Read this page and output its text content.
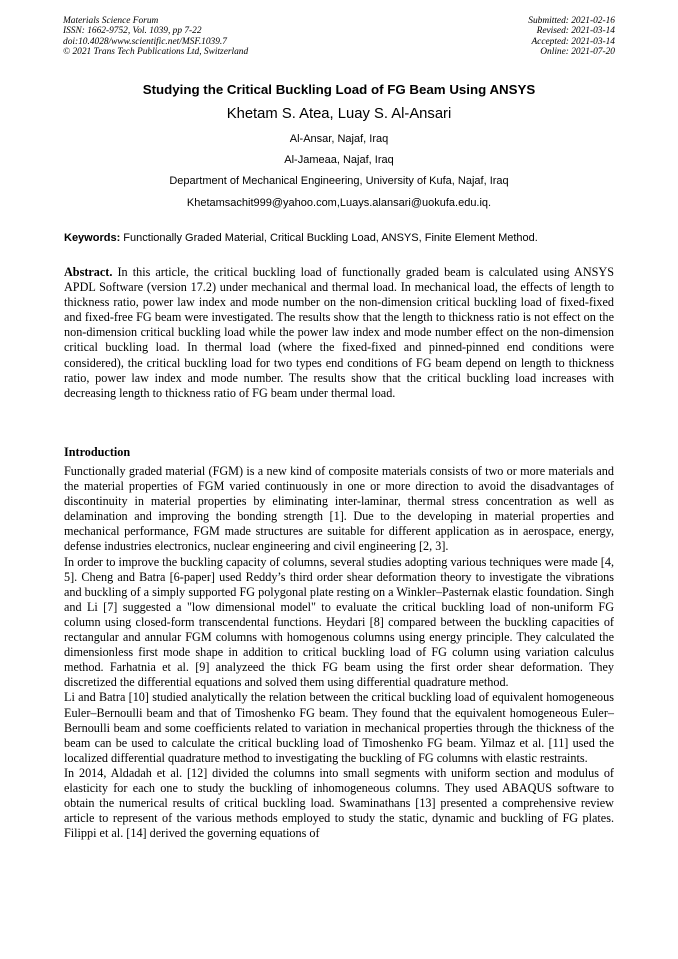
Materials Science Forum
ISSN: 1662-9752, Vol. 1039, pp 7-22
doi:10.4028/www.scientific.net/MSF.1039.7
© 2021 Trans Tech Publications Ltd, Switzerland
Submitted: 2021-02-16
Revised: 2021-03-14
Accepted: 2021-03-14
Online: 2021-07-20
Studying the Critical Buckling Load of FG Beam Using ANSYS
Khetam S. Atea, Luay S. Al-Ansari
Al-Ansar, Najaf, Iraq
Al-Jameaa, Najaf, Iraq
Department of Mechanical Engineering, University of Kufa, Najaf, Iraq
Khetamsachit999@yahoo.com,Luays.alansari@uokufa.edu.iq.
Keywords: Functionally Graded Material, Critical Buckling Load, ANSYS, Finite Element Method.

Abstract. In this article, the critical buckling load of functionally graded beam is calculated using ANSYS APDL Software (version 17.2) under mechanical and thermal load. In mechanical load, the effects of length to thickness ratio, power law index and mode number on the non-dimension critical buckling load of fixed-fixed and fixed-free FG beam were investigated. The results show that the length to thickness ratio is not effect on the non-dimension critical buckling load while the power law index and mode number effect on the non-dimension critical buckling load. In thermal load (where the fixed-fixed and pinned-pinned end conditions were considered), the critical buckling load for two types end conditions of FG beam depend on length to thickness ratio, power law index and mode number. The results show that the critical buckling load increases with decreasing length to thickness ratio of FG beam under thermal load.

Introduction

Functionally graded material (FGM) is a new kind of composite materials consists of two or more materials and the material properties of FGM varied continuously in one or more direction to avoid the disadvantages of discontinuity in material properties by eliminating inter-laminar, thermal stress concentration as well as delamination and improving the bonding strength [1]. Due to the developing in material properties and mechanical performance, FGM made structures are suitable for different application as in aerospace, energy, defense industries electronics, nuclear engineering and civil engineering [2, 3].

In order to improve the buckling capacity of columns, several studies adopting various techniques were made [4, 5]. Cheng and Batra [6-paper] used Reddy’s third order shear deformation theory to investigate the vibrations and buckling of a simply supported FG polygonal plate resting on a Winkler–Pasternak elastic foundation. Singh and Li [7] suggested a "low dimensional model" to evaluate the critical buckling load of non-uniform FG column using closed-form transcendental functions. Heydari [8] compared between the buckling capacities of rectangular and annular FGM columns with homogenous columns using energy principle. They calculated the dimensionless first mode shape in addition to critical buckling load of FG column using variation calculus method. Farhatnia et al. [9] analyzeed the thick FG beam using the first order shear deformation. They discretized the differential equations and solved them using differential quadrature method.

Li and Batra [10] studied analytically the relation between the critical buckling load of equivalent homogeneous Euler–Bernoulli beam and that of Timoshenko FG beam. They found that the equivalent homogeneous Euler–Bernoulli beam and some coefficients related to variation in mechanical properties through the thickness of the beam can be used to calculate the critical buckling load of Timoshenko FG beam. Yilmaz et al. [11] used the localized differential quadrature method to investigating the buckling of FG columns with elastic restraints.

In 2014, Aldadah et al. [12] divided the columns into small segments with uniform section and modulus of elasticity for each one to study the buckling of inhomogeneous columns. They used ABAQUS software to obtain the numerical results of critical buckling load. Swaminathans [13] presented a comprehensive review article to represent of the various methods employed to study the static, dynamic and buckling of FG plates. Filippi et al. [14] derived the governing equations of
